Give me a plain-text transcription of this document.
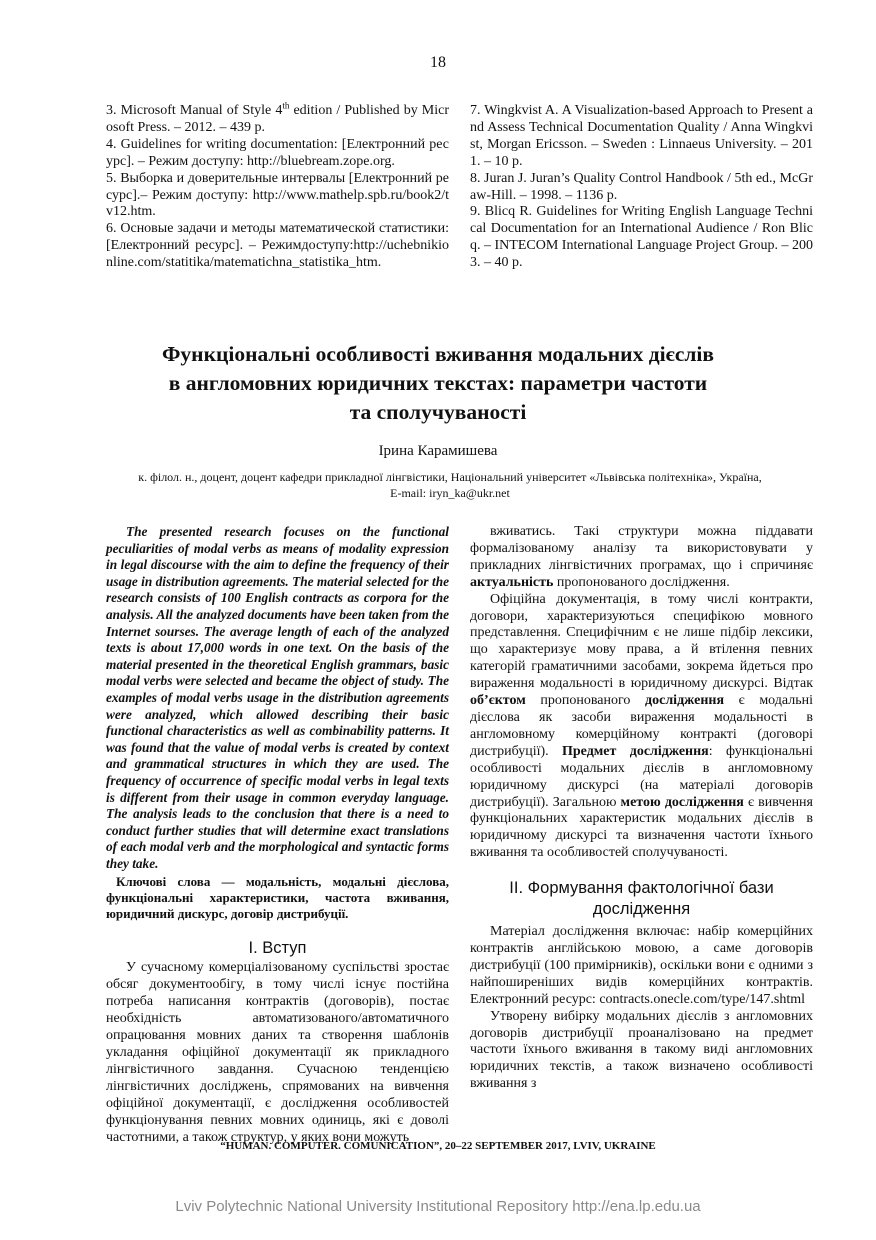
18

3. Microsoft Manual of Style 4th edition / Published by Microsoft Press. – 2012. – 439 p.

4. Guidelines for writing documentation: [Електронний ресурс]. – Режим доступу: http://bluebream.zope.org.

5. Выборка и доверительные интервалы [Електронний ресурс].– Режим доступу: http://www.mathelp.spb.ru/book2/tv12.htm.

6. Основые задачи и методы математической статистики: [Електронний ресурс]. – Режимдоступу:http://uchebnikionline.com/statitika/matematichna_statistika_htm.

7. Wingkvist A. A Visualization-based Approach to Present and Assess Technical Documentation Quality / Anna Wingkvist, Morgan Ericsson. – Sweden : Linnaeus University. – 2011. – 10 p.

8. Juran J. Juran’s Quality Control Handbook / 5th ed., McGraw-Hill. – 1998. – 1136 p.

9. Blicq R. Guidelines for Writing English Language Technical Documentation for an International Audience / Ron Blicq. – INTECOM International Language Project Group. – 2003. – 40 p.

Функціональні особливості вживання модальних дієслів
в англомовних юридичних текстах: параметри частоти
та сполучуваності
Ірина Карамишева
к. філол. н., доцент, доцент кафедри прикладної лінгвістики, Національний університет «Львівська політехніка», Україна,
E-mail: iryn_ka@ukr.net

The presented research focuses on the functional peculiarities of modal verbs as means of modality expression in legal discourse with the aim to define the frequency of their usage in distribution agreements. The material selected for the research consists of 100 English contracts as corpora for the analysis. All the analyzed documents have been taken from the Internet sourses. The average length of each of the analyzed texts is about 17,000 words in one text. On the basis of the material presented in the theoretical English grammars, basic modal verbs were selected and became the object of study. The examples of modal verbs usage in the distribution agreements were analyzed, which allowed describing their basic functional characteristics as well as combinability patterns. It was found that the value of modal verbs is created by context and grammatical structures in which they are used. The frequency of occurrence of specific modal verbs in legal texts is different from their usage in common everyday language. The analysis leads to the conclusion that there is a need to conduct further studies that will determine exact translations of each modal verb and the morphological and syntactic forms they take.

Ключові слова — модальність, модальні дієслова, функціональні характеристики, частота вживання, юридичний дискурс, договір дистрибуції.

I. Вступ

У сучасному комерціалізованому суспільстві зростає обсяг документообігу, в тому числі існує постійна потреба написання контрактів (договорів), постає необхідність автоматизованого/автоматичного опрацювання мовних даних та створення шаблонів укладання офіційної документації як прикладного лінгвістичного завдання. Сучасною тенденцією лінгвістичних досліджень, спрямованих на вивчення офіційної документації, є дослідження особливостей функціонування певних мовних одиниць, які є доволі частотними, а також структур, у яких вони можуть

вживатись. Такі структури можна піддавати формалізованому аналізу та використовувати у прикладних лінгвістичних програмах, що і спричиняє актуальність пропонованого дослідження.

Офіційна документація, в тому числі контракти, договори, характеризуються специфікою мовного представлення. Специфічним є не лише підбір лексики, що характеризує мову права, а й втілення певних категорій граматичними засобами, зокрема йдеться про вираження модальності в юридичному дискурсі. Відтак об’єктом пропонованого дослідження є модальні дієслова як засоби вираження модальності в англомовному комерційному контракті (договорі дистрибуції). Предмет дослідження: функціональні особливості модальних дієслів в англомовному юридичному дискурсі (на матеріалі договорів дистрибуції). Загальною метою дослідження є вивчення функціональних характеристик модальних дієслів в юридичному дискурсі та визначення частоти їхнього вживання та особливостей сполучуваності.

II. Формування фактологічної бази дослідження

Матеріал дослідження включає: набір комерційних контрактів англійською мовою, а саме договорів дистрибуції (100 примірників), оскільки вони є одними з найпоширеніших видів комерційних контрактів. Електронний ресурс: contracts.onecle.com/type/147.shtml

Утворену вибірку модальних дієслів з англомовних договорів дистрибуції проаналізовано на предмет частоти їхнього вживання в такому виді англомовних юридичних текстів, а також визначено особливості вживання з

“HUMAN. COMPUTER. COMUNICATION”, 20–22 SEPTEMBER 2017, LVIV, UKRAINE
Lviv Polytechnic National University Institutional Repository http://ena.lp.edu.ua
